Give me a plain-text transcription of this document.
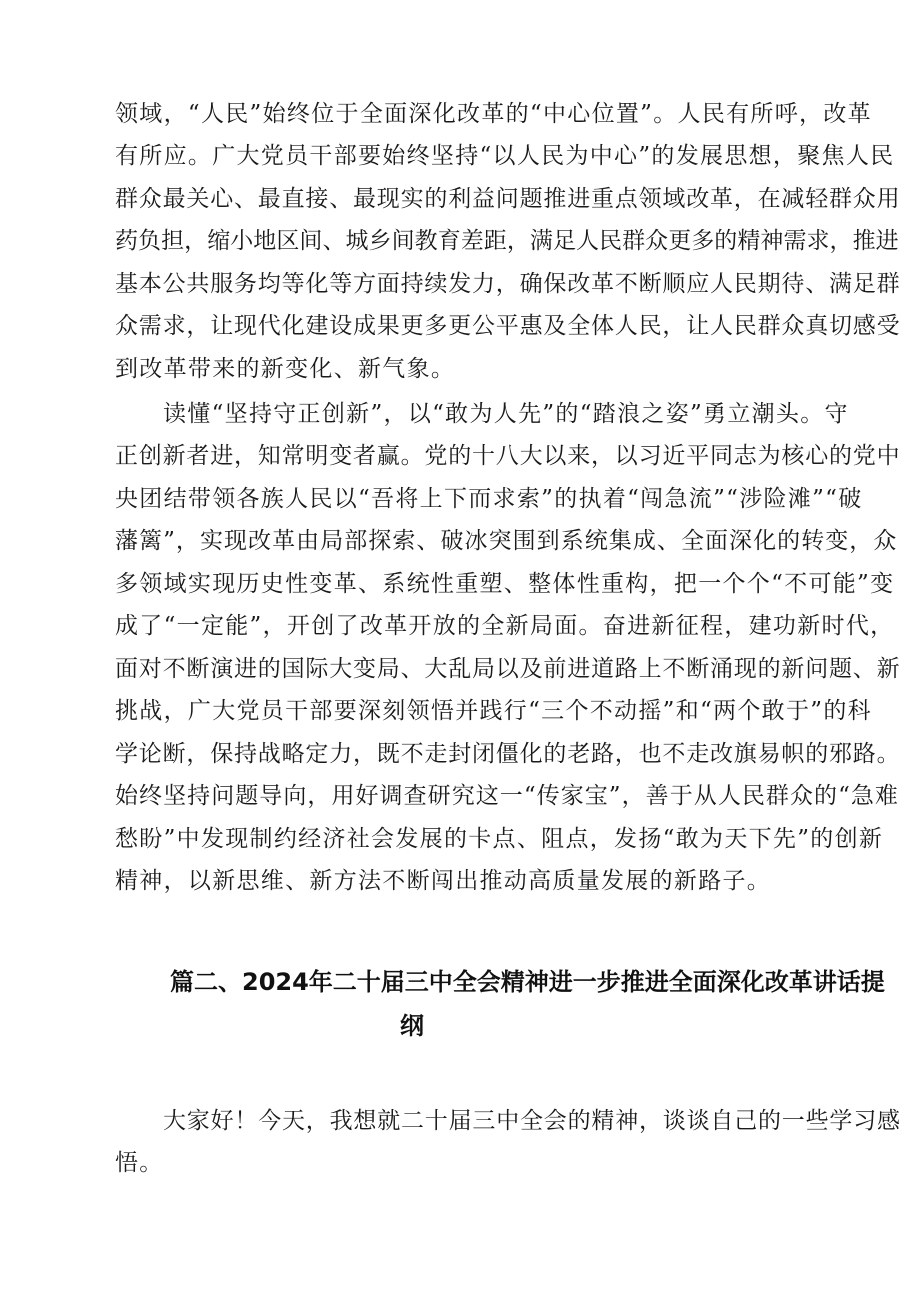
领域，“人民”始终位于全面深化改革的“中心位置”。人民有所呼，改革
有所应。广大党员干部要始终坚持“以人民为中心”的发展思想，聚焦人民
群众最关心、最直接、最现实的利益问题推进重点领域改革，在减轻群众用
药负担，缩小地区间、城乡间教育差距，满足人民群众更多的精神需求，推进
基本公共服务均等化等方面持续发力，确保改革不断顺应人民期待、满足群
众需求，让现代化建设成果更多更公平惠及全体人民，让人民群众真切感受
到改革带来的新变化、新气象。
读懂“坚持守正创新”，以“敢为人先”的“踏浪之姿”勇立潮头。守
正创新者进，知常明变者赢。党的十八大以来，以习近平同志为核心的党中
央团结带领各族人民以“吾将上下而求索”的执着“闯急流”“涉险滩”“破
藩篱”，实现改革由局部探索、破冰突围到系统集成、全面深化的转变，众
多领域实现历史性变革、系统性重塑、整体性重构，把一个个“不可能”变
成了“一定能”，开创了改革开放的全新局面。奋进新征程，建功新时代，
面对不断演进的国际大变局、大乱局以及前进道路上不断涌现的新问题、新
挑战，广大党员干部要深刻领悟并践行“三个不动摇”和“两个敢于”的科
学论断，保持战略定力，既不走封闭僵化的老路，也不走改旗易帜的邪路。
始终坚持问题导向，用好调查研究这一“传家宝”，善于从人民群众的“急难
愁盼”中发现制约经济社会发展的卡点、阻点，发扬“敢为天下先”的创新
精神，以新思维、新方法不断闯出推动高质量发展的新路子。
篇二、2024年二十届三中全会精神进一步推进全面深化改革讲话提
纲
大家好！今天，我想就二十届三中全会的精神，谈谈自己的一些学习感
悟。
